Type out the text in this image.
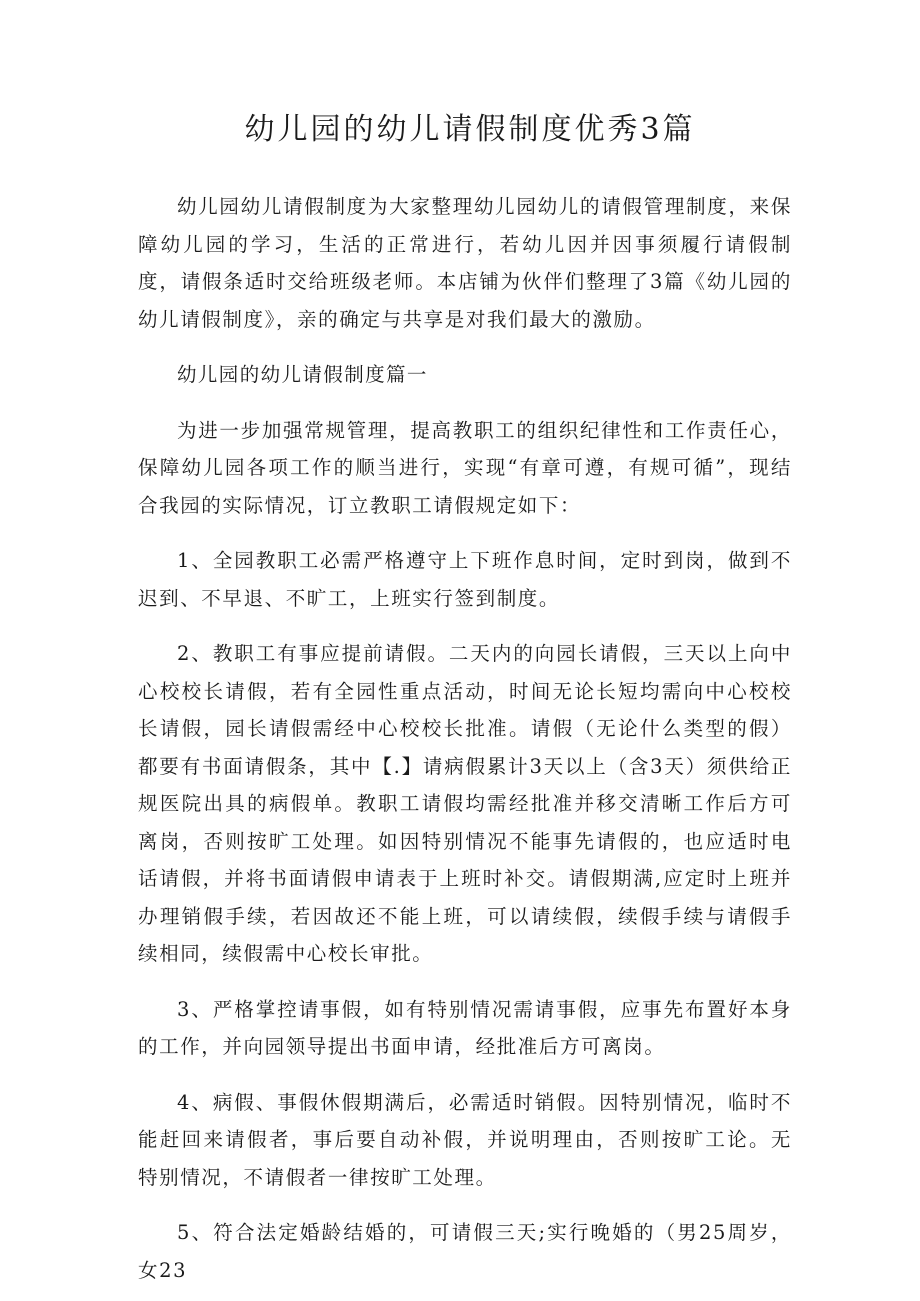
幼儿园的幼儿请假制度优秀3篇

幼儿园幼儿请假制度为大家整理幼儿园幼儿的请假管理制度，来保障幼儿园的学习，生活的正常进行，若幼儿因并因事须履行请假制度，请假条适时交给班级老师。本店铺为伙伴们整理了3篇《幼儿园的幼儿请假制度》，亲的确定与共享是对我们最大的激励。

幼儿园的幼儿请假制度篇一

为进一步加强常规管理，提高教职工的组织纪律性和工作责任心，保障幼儿园各项工作的顺当进行，实现“有章可遵，有规可循”，现结合我园的实际情况，订立教职工请假规定如下：

1、全园教职工必需严格遵守上下班作息时间，定时到岗，做到不迟到、不早退、不旷工，上班实行签到制度。

2、教职工有事应提前请假。二天内的向园长请假，三天以上向中心校校长请假，若有全园性重点活动，时间无论长短均需向中心校校长请假，园长请假需经中心校校长批准。请假（无论什么类型的假）都要有书面请假条，其中【.】请病假累计3天以上（含3天）须供给正规医院出具的病假单。教职工请假均需经批准并移交清晰工作后方可离岗，否则按旷工处理。如因特别情况不能事先请假的，也应适时电话请假，并将书面请假申请表于上班时补交。请假期满,应定时上班并办理销假手续，若因故还不能上班，可以请续假，续假手续与请假手续相同，续假需中心校长审批。

3、严格掌控请事假，如有特别情况需请事假，应事先布置好本身的工作，并向园领导提出书面申请，经批准后方可离岗。

4、病假、事假休假期满后，必需适时销假。因特别情况，临时不能赶回来请假者，事后要自动补假，并说明理由，否则按旷工论。无特别情况，不请假者一律按旷工处理。

5、符合法定婚龄结婚的，可请假三天;实行晚婚的（男25周岁，女23
